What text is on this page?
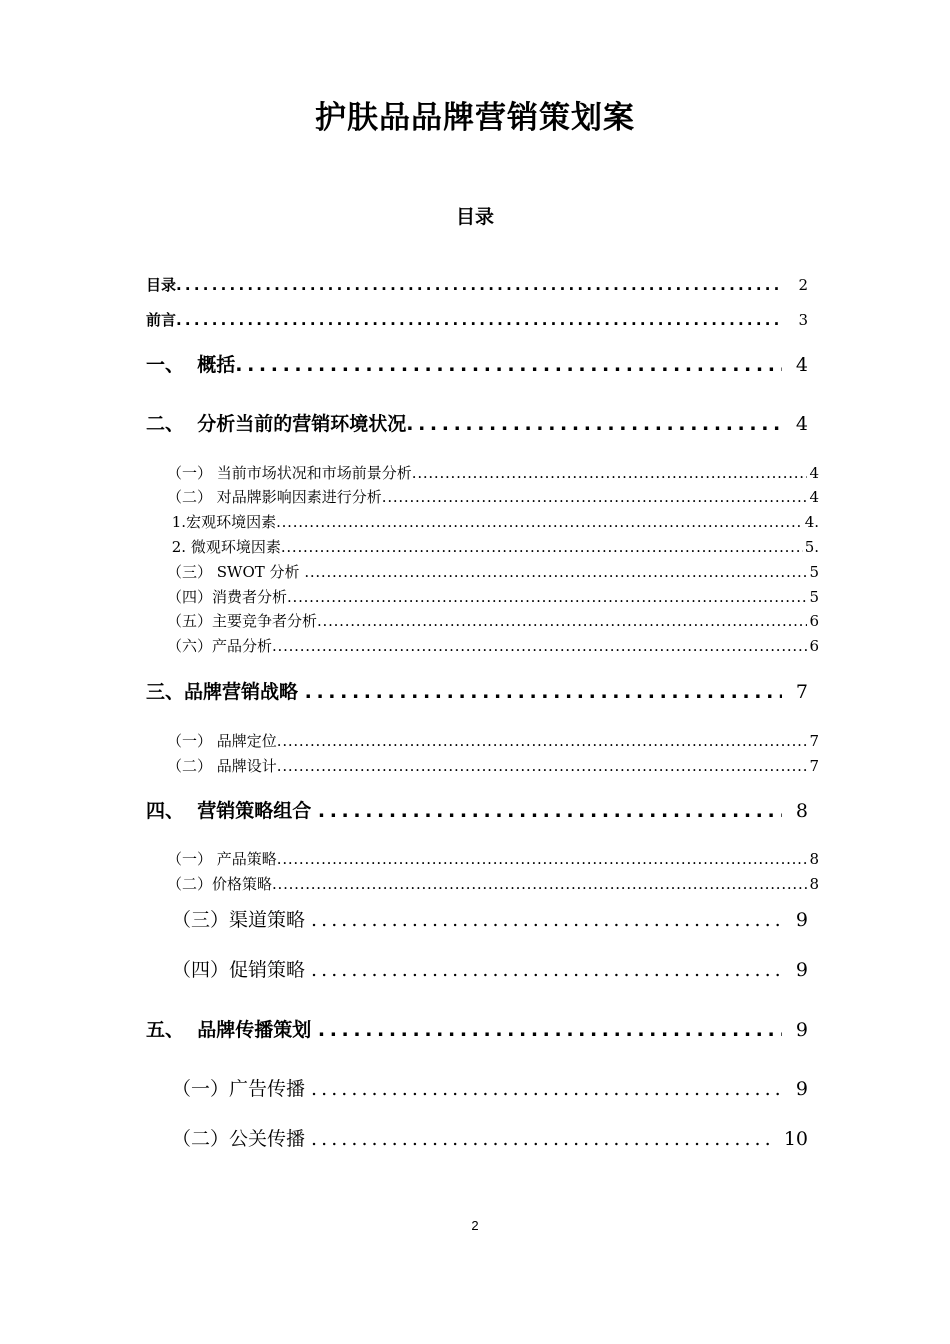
护肤品品牌营销策划案
目录
目录 . . .	2
前言 . . .	3
一、  概括 . . .	4
二、  分析当前的营销环境状况 . . .	4
（一） 当前市场状况和市场前景分析 . . .	4
（二） 对品牌影响因素进行分析 . . .	4
1.宏观环境因素 . . .	4.
2. 微观环境因素 . . .	5.
（三） SWOT 分析 . . .	5
（四）消费者分析 . . .	5
（五）主要竞争者分析 . . .	6
（六）产品分析 . . .	6
三、品牌营销战略 . . .	7
（一） 品牌定位 . . .	7
（二） 品牌设计 . . .	7
四、  营销策略组合 . . .	8
（一） 产品策略 . . .	8
（二）价格策略 . . .	8
（三）渠道策略 . . .	9
（四）促销策略 . . .	9
五、  品牌传播策划 . . .	9
（一）广告传播 . . .	9
（二）公关传播 . . .	10
2
